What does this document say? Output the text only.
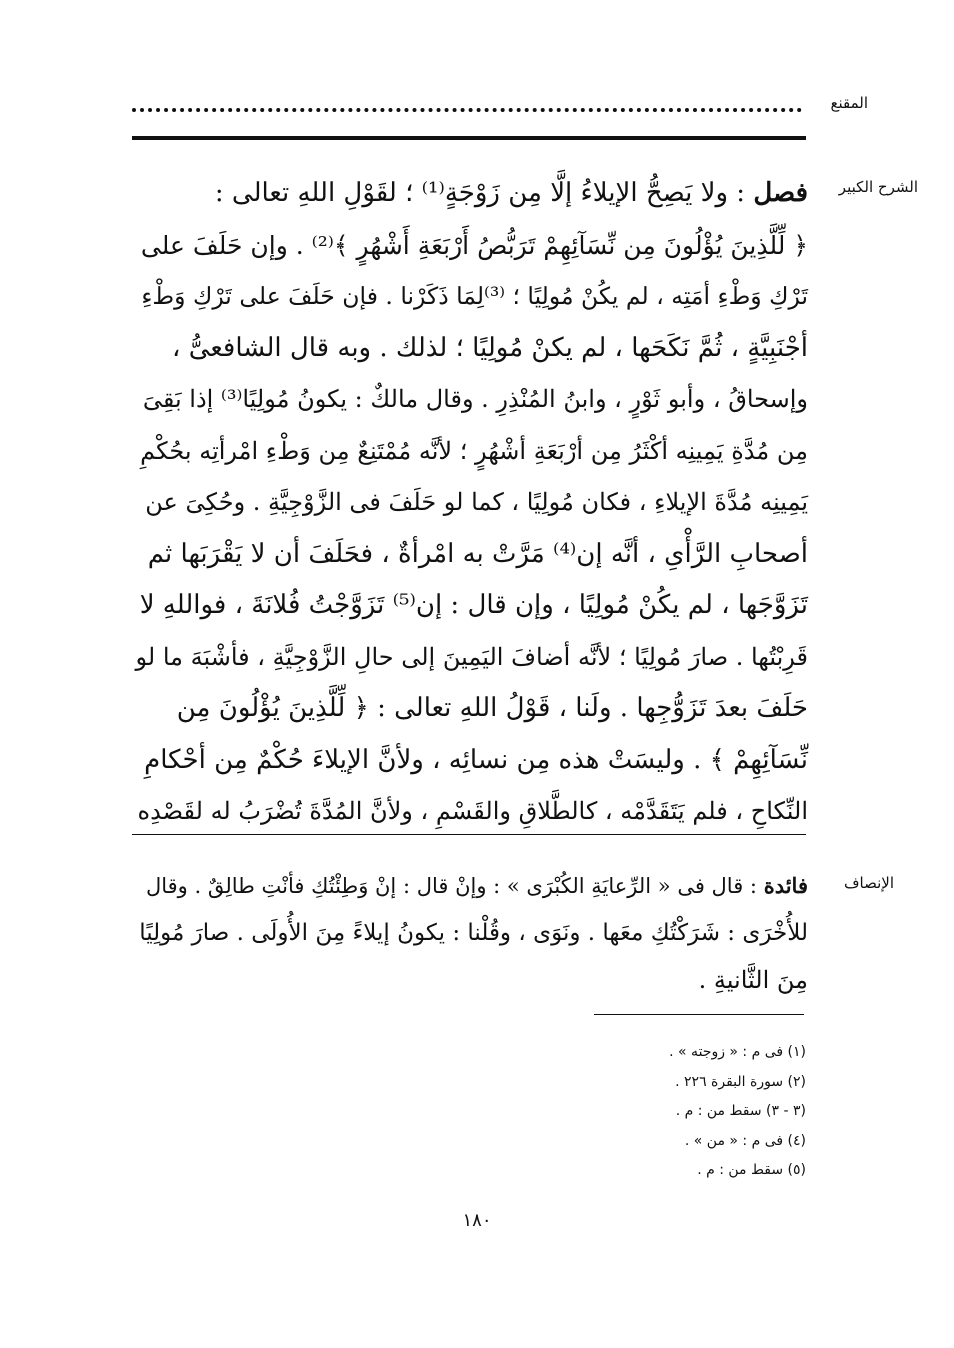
المقنع
الشرح الكبير
فصل : ولا يَصِحُّ الإيلاءُ إلَّا مِن زَوْجَةٍ⁽¹⁾ ؛ لقَوْلِ اللهِ تعالى :
﴿ لِّلَّذِينَ يُؤْلُونَ مِن نِّسَآئِهِمْ تَرَبُّصُ أَرْبَعَةِ أَشْهُرٍ ﴾⁽²⁾ . وإن حَلَفَ على
تَرْكِ وَطْءِ أمَتِه ، لم يكُنْ مُولِيًا ؛ ⁽³⁾لِمَا ذَكَرْنا . فإن حَلَفَ على تَرْكِ وَطْءِ
أجْنَبِيَّةٍ ، ثُمَّ نَكَحَها ، لم يكنْ مُولِيًا ؛ لذلك . وبه قال الشافعىُّ ،
وإسحاقُ ، وأبو ثَوْرٍ ، وابنُ المُنْذِرِ . وقال مالكٌ : يكونُ مُولِيًا⁽³⁾ إذا بَقِىَ
مِن مُدَّةِ يَمِينِه أكْثَرُ مِن أرْبَعَةِ أشْهُرٍ ؛ لأنَّه مُمْتَنِعٌ مِن وَطْءِ امْرأتِه بحُكْمِ
يَمِينِه مُدَّةَ الإيلاءِ ، فكان مُولِيًا ، كما لو حَلَفَ فى الزَّوْجِيَّةِ . وحُكِىَ عن
أصحابِ الرَّأْىِ ، أنَّه إن⁽⁴⁾ مَرَّتْ به امْرأةٌ ، فحَلَفَ أن لا يَقْرَبَها ثم
تَزَوَّجَها ، لم يكُنْ مُولِيًا ، وإن قال : إن⁽⁵⁾ تَزَوَّجْتُ فُلانَةَ ، فواللهِ لا
قَرِبْتُها . صارَ مُولِيًا ؛ لأنَّه أضافَ اليَمِينَ إلى حالِ الزَّوْجِيَّةِ ، فأشْبَهَ ما لو
حَلَفَ بعدَ تَزَوُّجِها . ولَنا ، قَوْلُ اللهِ تعالى : ﴿ لِّلَّذِينَ يُؤْلُونَ مِن
نِّسَآئِهِمْ ﴾ . وليسَتْ هذه مِن نسائِه ، ولأنَّ الإيلاءَ حُكْمٌ مِن أحْكامِ
النِّكاحِ ، فلم يَتَقَدَّمْه ، كالطَّلاقِ والقَسْمِ ، ولأنَّ المُدَّةَ تُضْرَبُ له لقَصْدِه
الإنصاف
فائدة : قال فى « الرِّعايَةِ الكُبْرَى » : وإنْ قال : إنْ وَطِئْتُكِ فأنْتِ طالِقٌ . وقال
للأُخْرَى : شَرَكْتُكِ معَها . ونَوَى ، وقُلْنا : يكونُ إيلاءً مِنَ الأُولَى . صارَ مُولِيًا
مِنَ الثَّانيةِ .
(١) فى م : « زوجته » .
(٢) سورة البقرة ٢٢٦ .
(٣ - ٣) سقط من : م .
(٤) فى م : « من » .
(٥) سقط من : م .
١٨٠
